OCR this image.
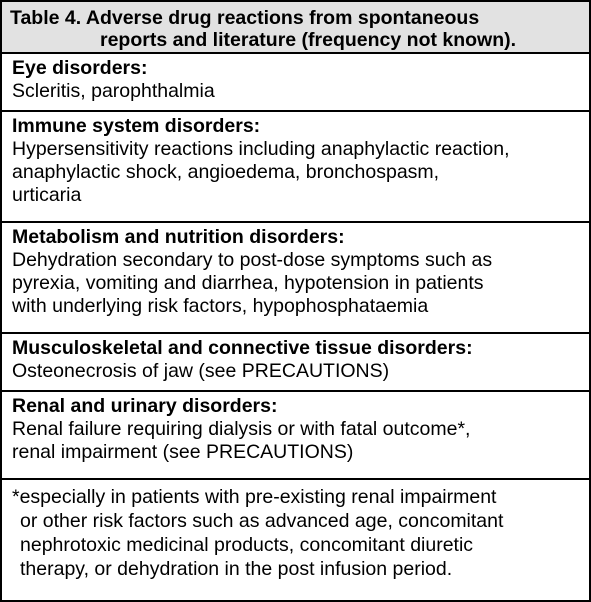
Table 4. Adverse drug reactions from spontaneous
reports and literature (frequency not known).
Eye disorders:
Scleritis, parophthalmia
Immune system disorders:
Hypersensitivity reactions including anaphylactic reaction,
anaphylactic shock, angioedema, bronchospasm,
urticaria
Metabolism and nutrition disorders:
Dehydration secondary to post-dose symptoms such as
pyrexia, vomiting and diarrhea, hypotension in patients
with underlying risk factors, hypophosphataemia
Musculoskeletal and connective tissue disorders:
Osteonecrosis of jaw (see PRECAUTIONS)
Renal and urinary disorders:
Renal failure requiring dialysis or with fatal outcome*,
renal impairment (see PRECAUTIONS)
*especially in patients with pre-existing renal impairment
or other risk factors such as advanced age, concomitant
nephrotoxic medicinal products, concomitant diuretic
therapy, or dehydration in the post infusion period.
